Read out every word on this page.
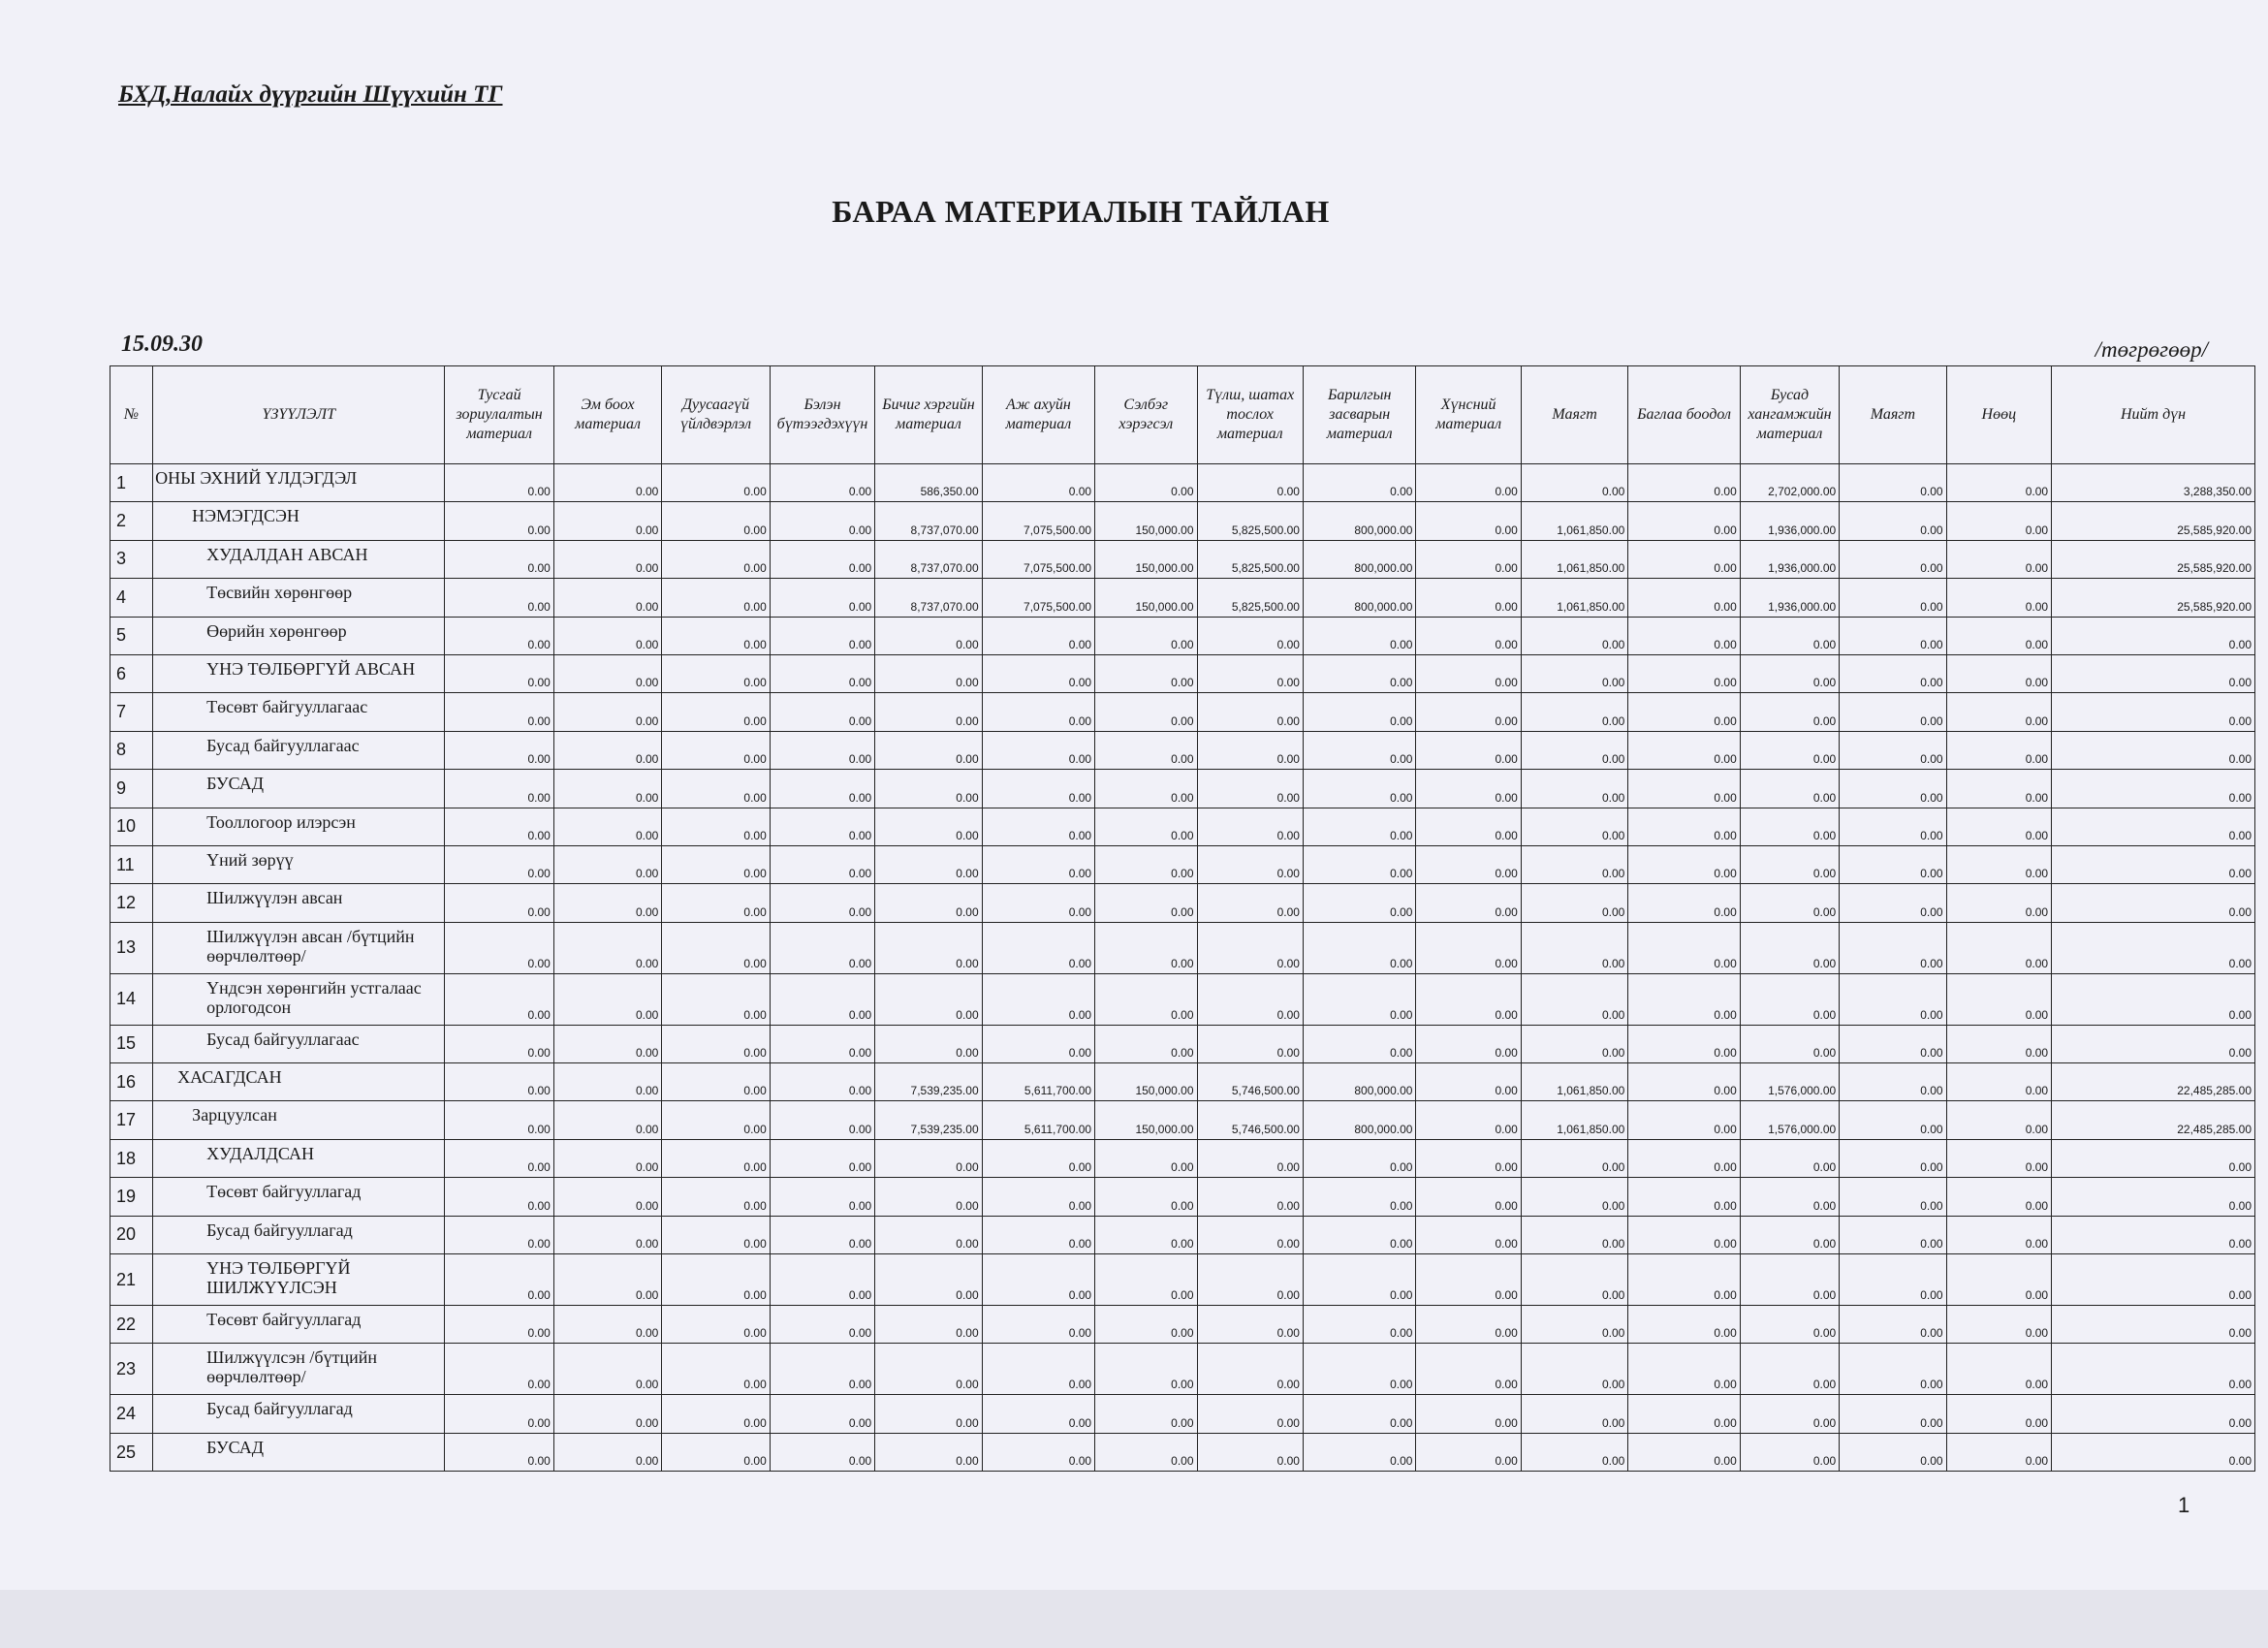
БХД,Налайх дүүргийн Шүүхийн ТГ
БАРАА МАТЕРИАЛЫН ТАЙЛАН
15.09.30	/төгрөгөөр/
№	ҮЗҮҮЛЭЛТ	Тусгай зориулалтын материал	Эм боох материал	Дуусаагүй үйлдвэрлэл	Бэлэн бүтээгдэхүүн	Бичиг хэргийн материал	Аж ахуйн материал	Сэлбэг хэрэгсэл	Түлш, шатах тослох материал	Барилгын засварын материал	Хүнсний материал	Маягт	Баглаа боодол	Бусад хангамжийн материал	Маягт	Нөөц	Нийт дүн
1	ОНЫ ЭХНИЙ ҮЛДЭГДЭЛ	0.00	0.00	0.00	0.00	586,350.00	0.00	0.00	0.00	0.00	0.00	0.00	0.00	2,702,000.00	0.00	0.00	3,288,350.00
2	НЭМЭГДСЭН	0.00	0.00	0.00	0.00	8,737,070.00	7,075,500.00	150,000.00	5,825,500.00	800,000.00	0.00	1,061,850.00	0.00	1,936,000.00	0.00	0.00	25,585,920.00
3	ХУДАЛДАН АВСАН	0.00	0.00	0.00	0.00	8,737,070.00	7,075,500.00	150,000.00	5,825,500.00	800,000.00	0.00	1,061,850.00	0.00	1,936,000.00	0.00	0.00	25,585,920.00
4	Төсвийн хөрөнгөөр	0.00	0.00	0.00	0.00	8,737,070.00	7,075,500.00	150,000.00	5,825,500.00	800,000.00	0.00	1,061,850.00	0.00	1,936,000.00	0.00	0.00	25,585,920.00
5	Өөрийн хөрөнгөөр	0.00	0.00	0.00	0.00	0.00	0.00	0.00	0.00	0.00	0.00	0.00	0.00	0.00	0.00	0.00	0.00
6	ҮНЭ ТӨЛБӨРГҮЙ АВСАН	0.00	0.00	0.00	0.00	0.00	0.00	0.00	0.00	0.00	0.00	0.00	0.00	0.00	0.00	0.00	0.00
7	Төсөвт байгууллагаас	0.00	0.00	0.00	0.00	0.00	0.00	0.00	0.00	0.00	0.00	0.00	0.00	0.00	0.00	0.00	0.00
8	Бусад байгууллагаас	0.00	0.00	0.00	0.00	0.00	0.00	0.00	0.00	0.00	0.00	0.00	0.00	0.00	0.00	0.00	0.00
9	БУСАД	0.00	0.00	0.00	0.00	0.00	0.00	0.00	0.00	0.00	0.00	0.00	0.00	0.00	0.00	0.00	0.00
10	Тооллогоор илэрсэн	0.00	0.00	0.00	0.00	0.00	0.00	0.00	0.00	0.00	0.00	0.00	0.00	0.00	0.00	0.00	0.00
11	Үний зөрүү	0.00	0.00	0.00	0.00	0.00	0.00	0.00	0.00	0.00	0.00	0.00	0.00	0.00	0.00	0.00	0.00
12	Шилжүүлэн авсан	0.00	0.00	0.00	0.00	0.00	0.00	0.00	0.00	0.00	0.00	0.00	0.00	0.00	0.00	0.00	0.00
13	Шилжүүлэн авсан /бүтцийн өөрчлөлтөөр/	0.00	0.00	0.00	0.00	0.00	0.00	0.00	0.00	0.00	0.00	0.00	0.00	0.00	0.00	0.00	0.00
14	Үндсэн хөрөнгийн устгалаас орлогодсон	0.00	0.00	0.00	0.00	0.00	0.00	0.00	0.00	0.00	0.00	0.00	0.00	0.00	0.00	0.00	0.00
15	Бусад байгууллагаас	0.00	0.00	0.00	0.00	0.00	0.00	0.00	0.00	0.00	0.00	0.00	0.00	0.00	0.00	0.00	0.00
16	ХАСАГДСАН	0.00	0.00	0.00	0.00	7,539,235.00	5,611,700.00	150,000.00	5,746,500.00	800,000.00	0.00	1,061,850.00	0.00	1,576,000.00	0.00	0.00	22,485,285.00
17	Зарцуулсан	0.00	0.00	0.00	0.00	7,539,235.00	5,611,700.00	150,000.00	5,746,500.00	800,000.00	0.00	1,061,850.00	0.00	1,576,000.00	0.00	0.00	22,485,285.00
18	ХУДАЛДСАН	0.00	0.00	0.00	0.00	0.00	0.00	0.00	0.00	0.00	0.00	0.00	0.00	0.00	0.00	0.00	0.00
19	Төсөвт байгууллагад	0.00	0.00	0.00	0.00	0.00	0.00	0.00	0.00	0.00	0.00	0.00	0.00	0.00	0.00	0.00	0.00
20	Бусад байгууллагад	0.00	0.00	0.00	0.00	0.00	0.00	0.00	0.00	0.00	0.00	0.00	0.00	0.00	0.00	0.00	0.00
21	ҮНЭ ТӨЛБӨРГҮЙ ШИЛЖҮҮЛСЭН	0.00	0.00	0.00	0.00	0.00	0.00	0.00	0.00	0.00	0.00	0.00	0.00	0.00	0.00	0.00	0.00
22	Төсөвт байгууллагад	0.00	0.00	0.00	0.00	0.00	0.00	0.00	0.00	0.00	0.00	0.00	0.00	0.00	0.00	0.00	0.00
23	Шилжүүлсэн /бүтцийн өөрчлөлтөөр/	0.00	0.00	0.00	0.00	0.00	0.00	0.00	0.00	0.00	0.00	0.00	0.00	0.00	0.00	0.00	0.00
24	Бусад байгууллагад	0.00	0.00	0.00	0.00	0.00	0.00	0.00	0.00	0.00	0.00	0.00	0.00	0.00	0.00	0.00	0.00
25	БУСАД	0.00	0.00	0.00	0.00	0.00	0.00	0.00	0.00	0.00	0.00	0.00	0.00	0.00	0.00	0.00	0.00
1
